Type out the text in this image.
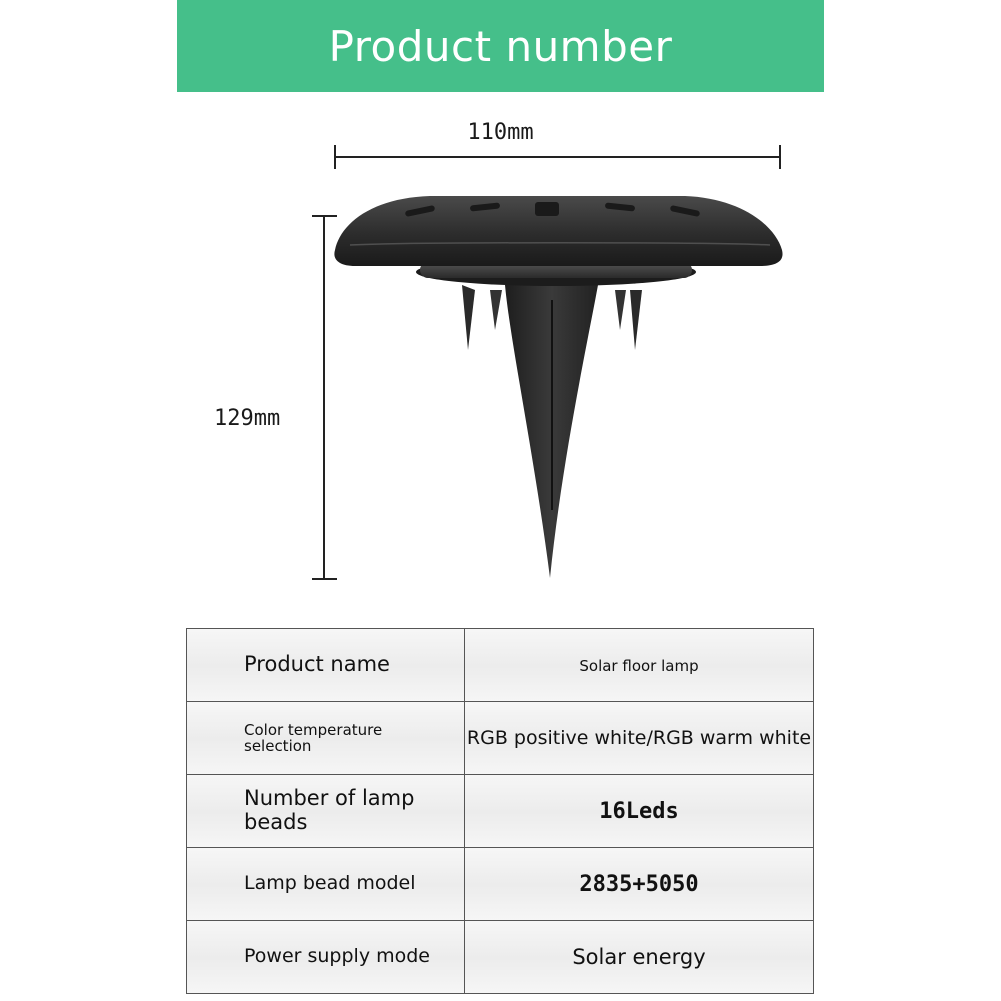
Product number
110mm
129mm
Product name	Solar floor lamp

Color temperature selection	RGB positive white/RGB warm white

Number of lamp beads	16Leds
Lamp bead model	2835+5050
Power supply mode	Solar energy
